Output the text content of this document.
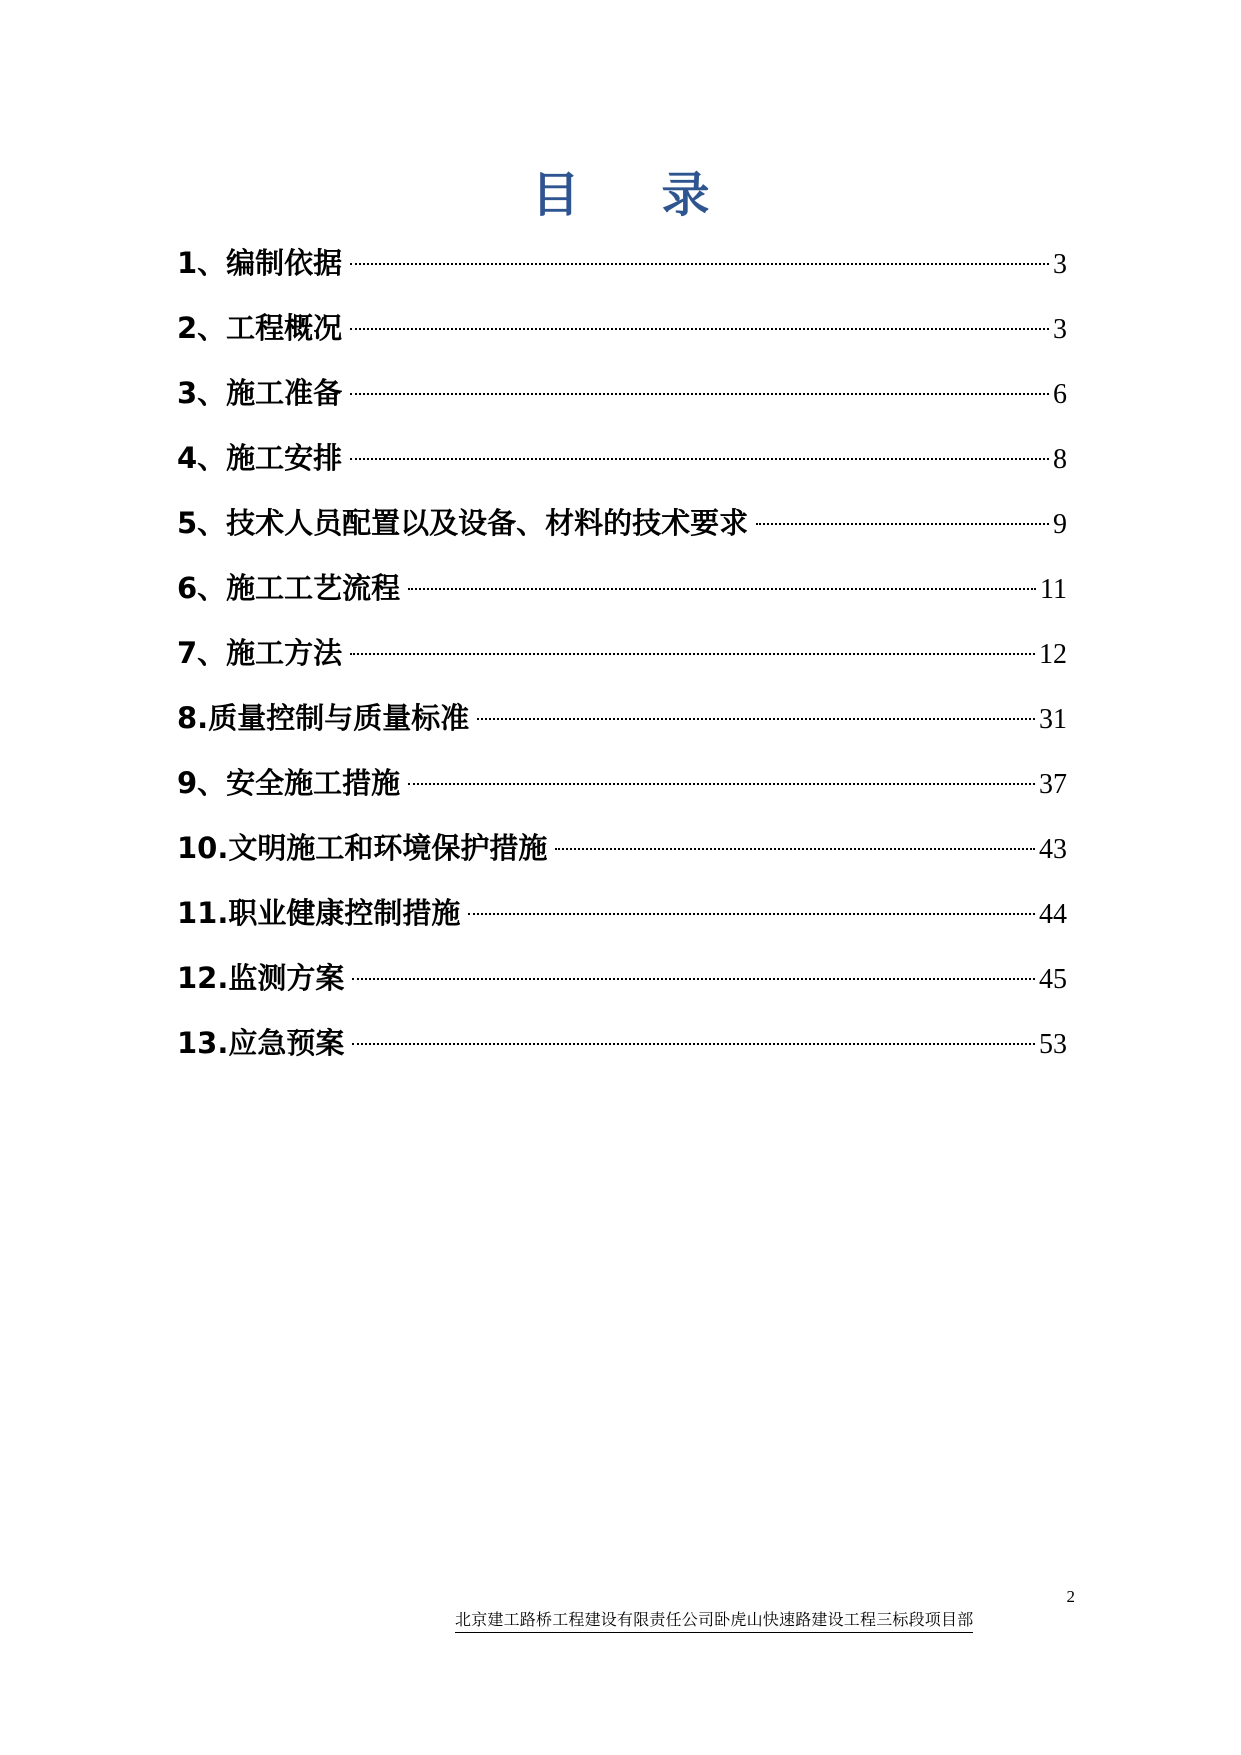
目录
1、编制依据	3
2、工程概况	3
3、施工准备	6
4、施工安排	8
5、技术人员配置以及设备、材料的技术要求	9
6、施工工艺流程	11
7、施工方法	12
8.质量控制与质量标准	31
9、安全施工措施	37
10.文明施工和环境保护措施	43
11.职业健康控制措施	44
12.监测方案	45
13.应急预案	53
2
北京建工路桥工程建设有限责任公司卧虎山快速路建设工程三标段项目部
